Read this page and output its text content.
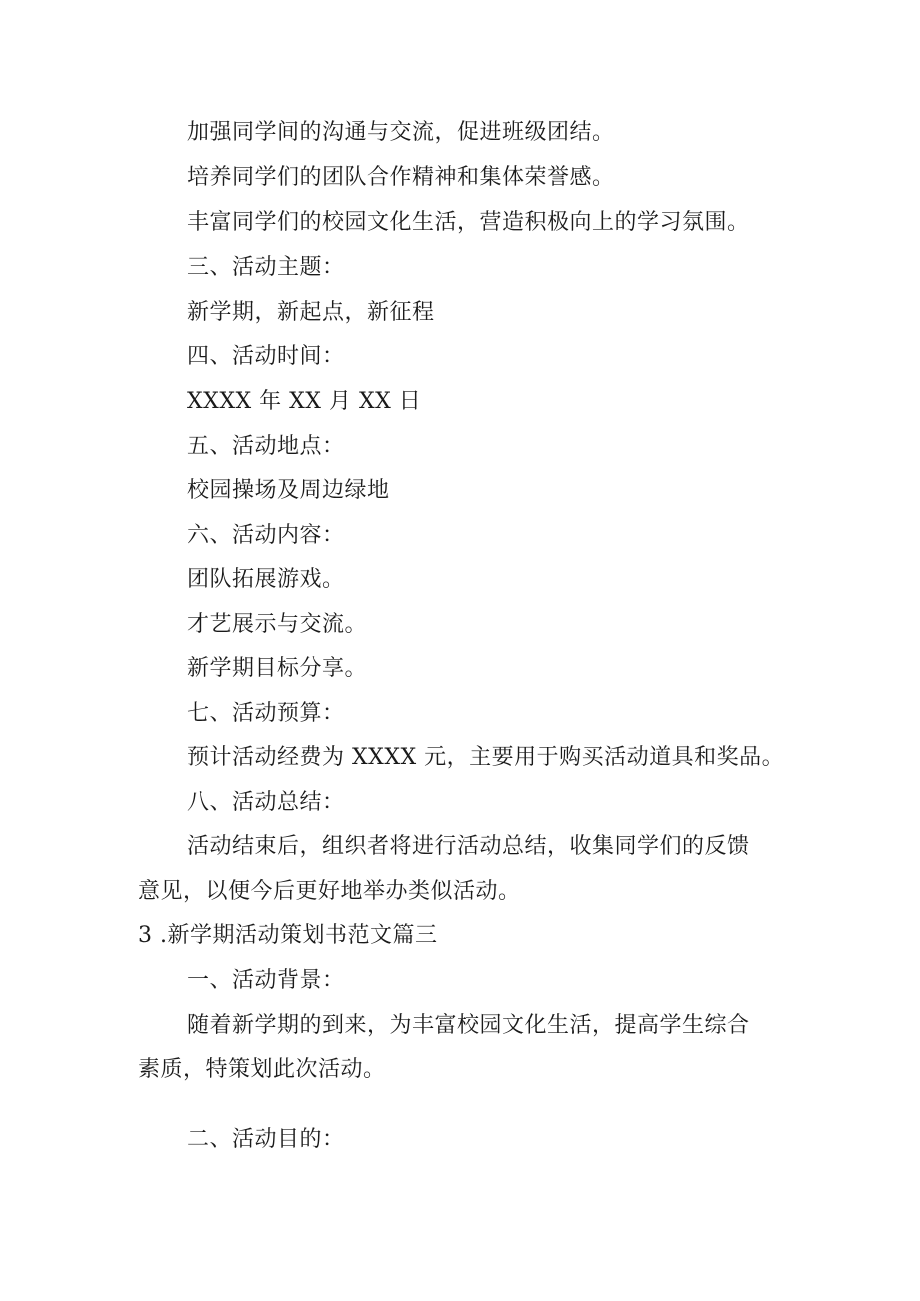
加强同学间的沟通与交流，促进班级团结。
培养同学们的团队合作精神和集体荣誉感。
丰富同学们的校园文化生活，营造积极向上的学习氛围。
三、活动主题：
新学期，新起点，新征程
四、活动时间：
XXXX 年 XX 月 XX 日
五、活动地点：
校园操场及周边绿地
六、活动内容：
团队拓展游戏。
才艺展示与交流。
新学期目标分享。
七、活动预算：
预计活动经费为 XXXX 元，主要用于购买活动道具和奖品。
八、活动总结：
活动结束后，组织者将进行活动总结，收集同学们的反馈
意见，以便今后更好地举办类似活动。
3 .新学期活动策划书范文篇三
一、活动背景：
随着新学期的到来，为丰富校园文化生活，提高学生综合
素质，特策划此次活动。
二、活动目的：
